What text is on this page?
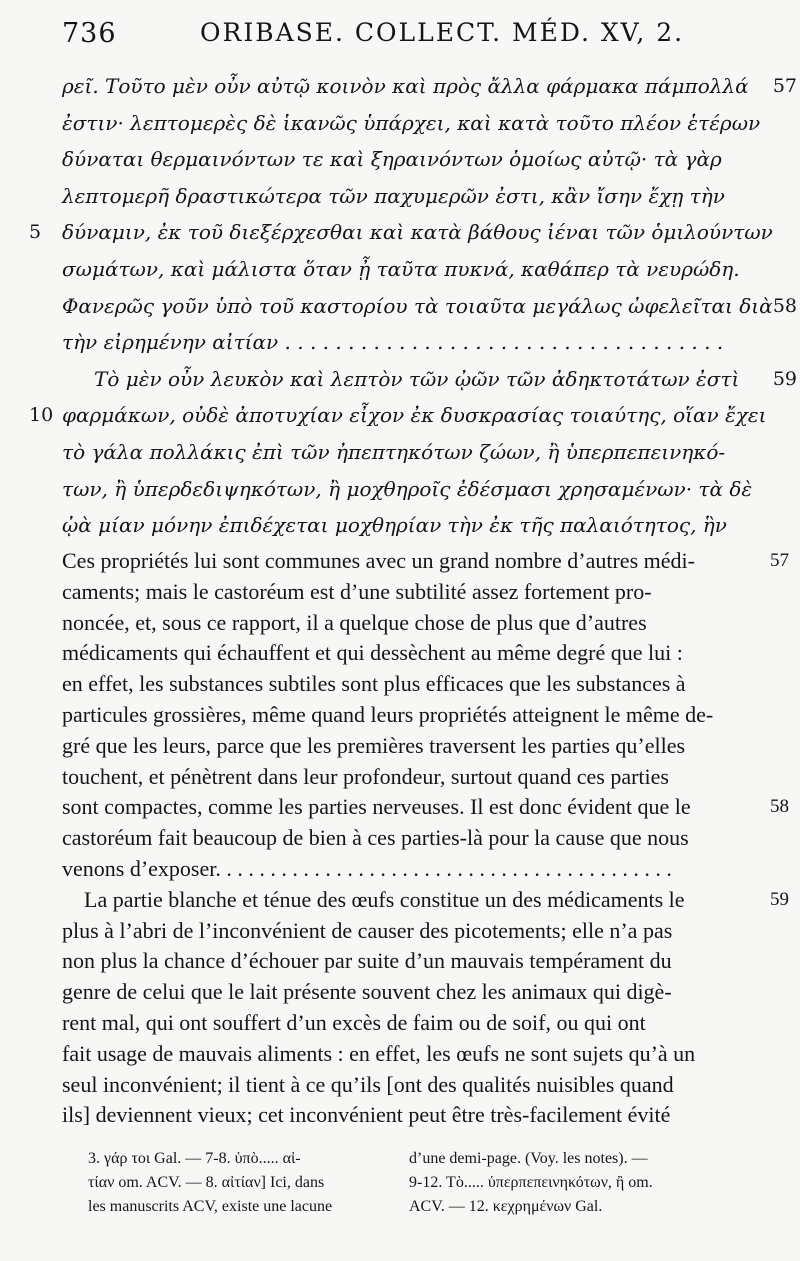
736	ORIBASE. COLLECT. MÉD. XV, 2.
ρεῖ. Τοῦτο μὲν οὖν αὐτῷ κοινὸν καὶ πρὸς ἄλλα φάρμακα πάμπολλά 57
ἐστιν· λεπτομερὲς δὲ ἱκανῶς ὑπάρχει, καὶ κατὰ τοῦτο πλέον ἑτέρων
δύναται θερμαινόντων τε καὶ ξηραινόντων ὁμοίως αὐτῷ· τὰ γὰρ
λεπτομερῆ δραστικώτερα τῶν παχυμερῶν ἐστι, κἂν ἴσην ἔχῃ τὴν
δύναμιν, ἐκ τοῦ διεξέρχεσθαι καὶ κατὰ βάθους ἰέναι τῶν ὁμιλούντων
5
σωμάτων, καὶ μάλιστα ὅταν ᾖ ταῦτα πυκνά, καθάπερ τὰ νευρώδη.
Φανερῶς γοῦν ὑπὸ τοῦ καστορίου τὰ τοιαῦτα μεγάλως ὠφελεῖται διὰ 58
τὴν εἰρημένην αἰτίαν . . . . . . . . . . . . . . . . . . . . . . . . . . . . . . . . . . .
Τὸ μὲν οὖν λευκὸν καὶ λεπτὸν τῶν ᾠῶν τῶν ἀδηκτοτάτων ἐστὶ 59
φαρμάκων, οὐδὲ ἀποτυχίαν εἶχον ἐκ δυσκρασίας τοιαύτης, οἵαν ἔχει
10
τὸ γάλα πολλάκις ἐπὶ τῶν ἠπεπτηκότων ζώων, ἢ ὑπερπεπεινηκό-
των, ἢ ὑπερδεδιψηκότων, ἢ μοχθηροῖς ἐδέσμασι χρησαμένων· τὰ δὲ
ᾠὰ μίαν μόνην ἐπιδέχεται μοχθηρίαν τὴν ἐκ τῆς παλαιότητος, ἣν
Ces propriétés lui sont communes avec un grand nombre d’autres médi-	57
caments; mais le castoréum est d’une subtilité assez fortement pro-
noncée, et, sous ce rapport, il a quelque chose de plus que d’autres
médicaments qui échauffent et qui dessèchent au même degré que lui :
en effet, les substances subtiles sont plus efficaces que les substances à
particules grossières, même quand leurs propriétés atteignent le même de-
gré que les leurs, parce que les premières traversent les parties qu’elles
touchent, et pénètrent dans leur profondeur, surtout quand ces parties
sont compactes, comme les parties nerveuses. Il est donc évident que le	58
castoréum fait beaucoup de bien à ces parties-là pour la cause que nous
venons d’exposer. . . . . . . . . . . . . . . . . . . . . . . . . . . . . . . . . . . . . . . . . .
La partie blanche et ténue des œufs constitue un des médicaments le	59
plus à l’abri de l’inconvénient de causer des picotements; elle n’a pas
non plus la chance d’échouer par suite d’un mauvais tempérament du
genre de celui que le lait présente souvent chez les animaux qui digè-
rent mal, qui ont souffert d’un excès de faim ou de soif, ou qui ont
fait usage de mauvais aliments : en effet, les œufs ne sont sujets qu’à un
seul inconvénient; il tient à ce qu’ils [ont des qualités nuisibles quand
ils] deviennent vieux; cet inconvénient peut être très-facilement évité
3. γάρ τοι Gal. — 7-8. ὑπὸ..... αἰ-
τίαν om. ACV. — 8. αἰτίαν] Ici, dans
les manuscrits ACV, existe une lacune
d’une demi-page. (Voy. les notes). —
9-12. Τὸ..... ὑπερπεπεινηκότων, ἢ om.
ACV. — 12. κεχρημένων Gal.
